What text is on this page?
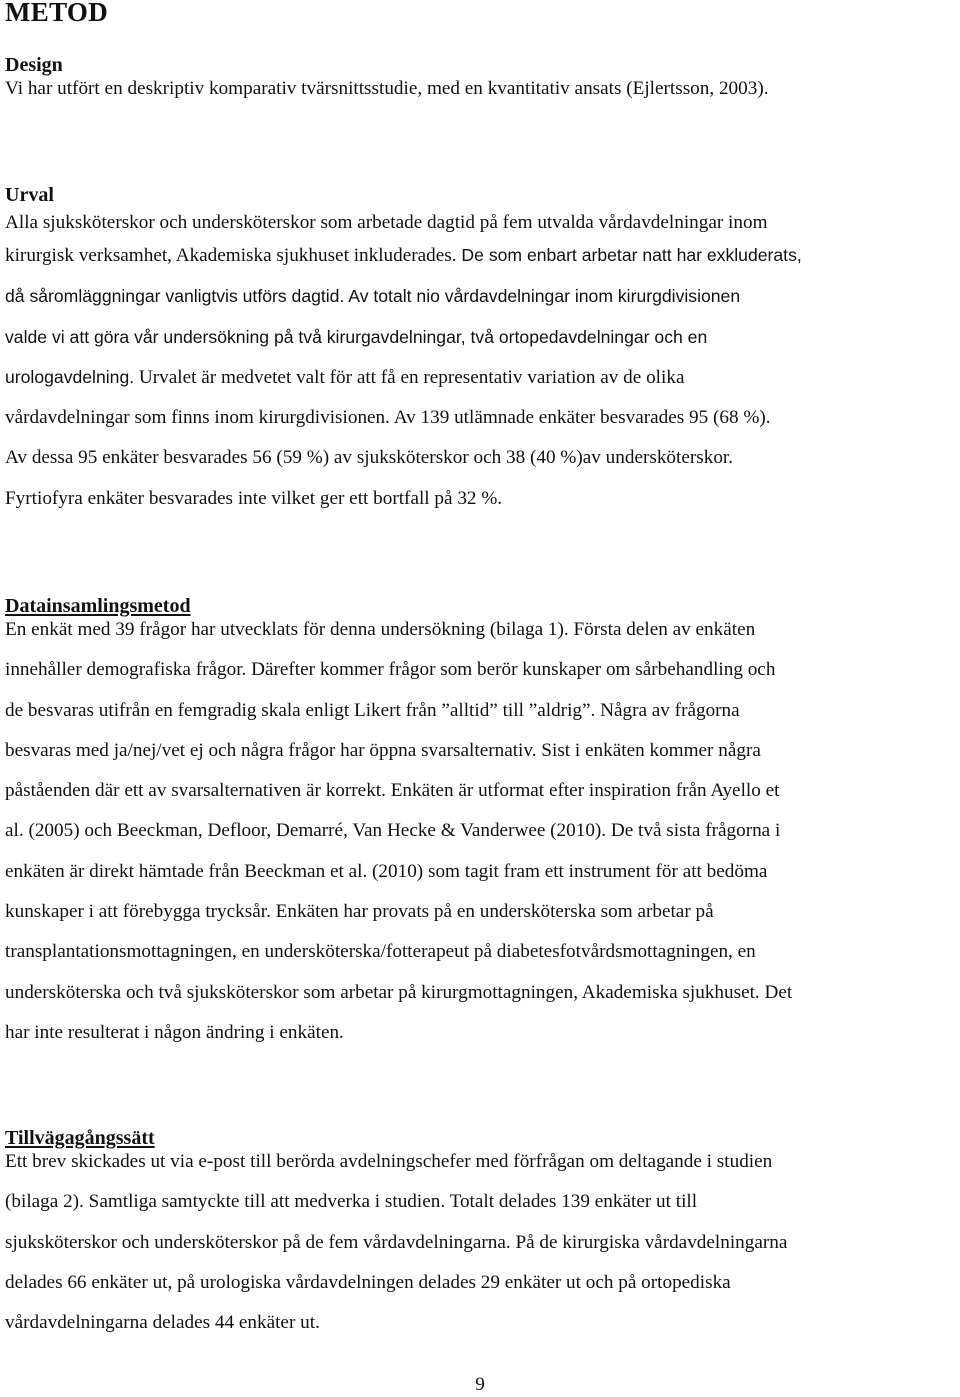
METOD
Design

Vi har utfört en deskriptiv komparativ tvärsnittsstudie, med en kvantitativ ansats (Ejlertsson, 2003).

Urval

Alla sjuksköterskor och undersköterskor som arbetade dagtid på fem utvalda vårdavdelningar inom

kirurgisk verksamhet, Akademiska sjukhuset inkluderades. De som enbart arbetar natt har exkluderats,
då såromläggningar vanligtvis utförs dagtid. Av totalt nio vårdavdelningar inom kirurgdivisionen
valde vi att göra vår undersökning på två kirurgavdelningar, två ortopedavdelningar och en
urologavdelning. Urvalet är medvetet valt för att få en representativ variation av de olika
vårdavdelningar som finns inom kirurgdivisionen. Av 139 utlämnade enkäter besvarades 95 (68 %).
Av dessa 95 enkäter besvarades 56 (59 %) av sjuksköterskor och 38 (40 %)av undersköterskor.
Fyrtiofyra enkäter besvarades inte vilket ger ett bortfall på 32 %.

Datainsamlingsmetod

En enkät med 39 frågor har utvecklats för denna undersökning (bilaga 1). Första delen av enkäten
innehåller demografiska frågor. Därefter kommer frågor som berör kunskaper om sårbehandling och
de besvaras utifrån en femgradig skala enligt Likert från ”alltid” till ”aldrig”. Några av frågorna
besvaras med ja/nej/vet ej och några frågor har öppna svarsalternativ. Sist i enkäten kommer några
påståenden där ett av svarsalternativen är korrekt. Enkäten är utformat efter inspiration från Ayello et
al. (2005) och Beeckman, Defloor, Demarré, Van Hecke & Vanderwee (2010). De två sista frågorna i
enkäten är direkt hämtade från Beeckman et al. (2010) som tagit fram ett instrument för att bedöma
kunskaper i att förebygga trycksår. Enkäten har provats på en undersköterska som arbetar på
transplantationsmottagningen, en undersköterska/fotterapeut på diabetesfotvårdsmottagningen, en
undersköterska och två sjuksköterskor som arbetar på kirurgmottagningen, Akademiska sjukhuset. Det
har inte resulterat i någon ändring i enkäten.

Tillvägagångssätt

Ett brev skickades ut via e-post till berörda avdelningschefer med förfrågan om deltagande i studien
(bilaga 2). Samtliga samtyckte till att medverka i studien. Totalt delades 139 enkäter ut till
sjuksköterskor och undersköterskor på de fem vårdavdelningarna. På de kirurgiska vårdavdelningarna
delades 66 enkäter ut, på urologiska vårdavdelningen delades 29 enkäter ut och på ortopediska
vårdavdelningarna delades 44 enkäter ut.

9
